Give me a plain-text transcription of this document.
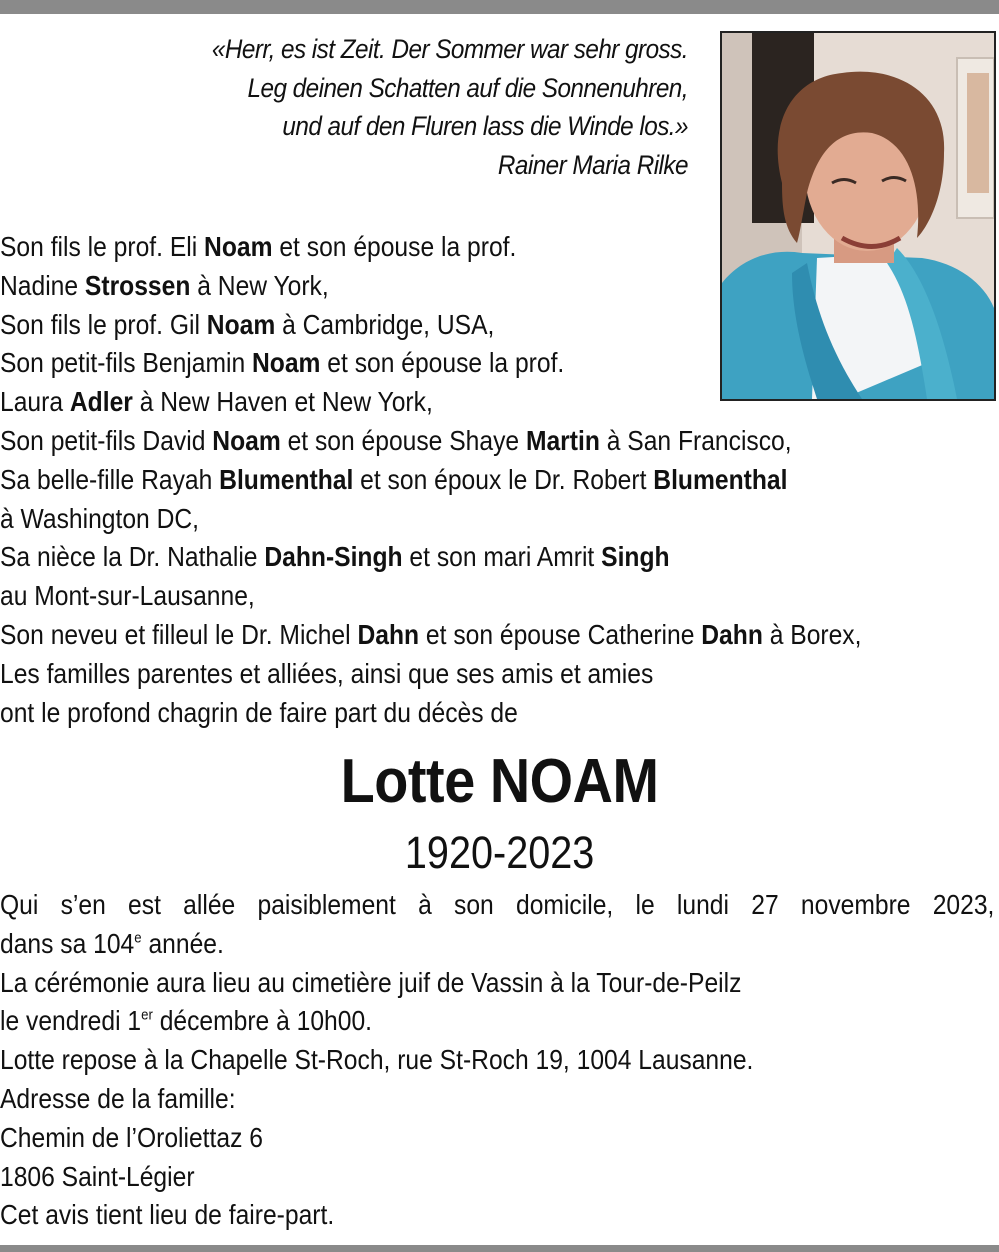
«Herr, es ist Zeit. Der Sommer war sehr gross.
Leg deinen Schatten auf die Sonnenuhren,
und auf den Fluren lass die Winde los.»
Rainer Maria Rilke
Son fils le prof. Eli Noam et son épouse la prof.
Nadine Strossen à New York,
Son fils le prof. Gil Noam à Cambridge, USA,
Son petit-fils Benjamin Noam et son épouse la prof.
Laura Adler à New Haven et New York,
Son petit-fils David Noam et son épouse Shaye Martin à San Francisco,
Sa belle-fille Rayah Blumenthal et son époux le Dr. Robert Blumenthal
à Washington DC,
Sa nièce la Dr. Nathalie Dahn-Singh et son mari Amrit Singh
au Mont-sur-Lausanne,
Son neveu et filleul le Dr. Michel Dahn et son épouse Catherine Dahn à Borex,
Les familles parentes et alliées, ainsi que ses amis et amies
ont le profond chagrin de faire part du décès de
Lotte NOAM
1920-2023
Qui s’en est allée paisiblement à son domicile, le lundi 27 novembre 2023,
dans sa 104e année.
La cérémonie aura lieu au cimetière juif de Vassin à la Tour-de-Peilz
le vendredi 1er décembre à 10h00.
Lotte repose à la Chapelle St-Roch, rue St-Roch 19, 1004 Lausanne.
Adresse de la famille:
Chemin de l’Oroliettaz 6
1806 Saint-Légier
Cet avis tient lieu de faire-part.
